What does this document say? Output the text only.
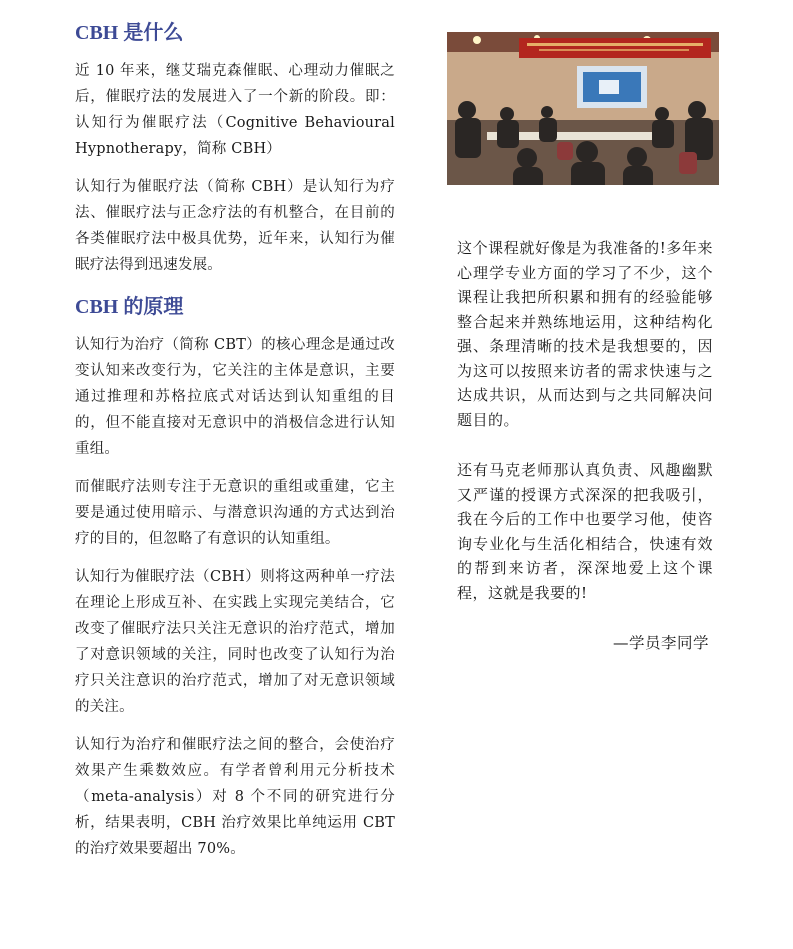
CBH 是什么

近 10 年来，继艾瑞克森催眠、心理动力催眠之后，催眠疗法的发展进入了一个新的阶段。即：认知行为催眠疗法（Cognitive Behavioural Hypnotherapy，简称 CBH）

认知行为催眠疗法（简称 CBH）是认知行为疗法、催眠疗法与正念疗法的有机整合，在目前的各类催眠疗法中极具优势，近年来，认知行为催眠疗法得到迅速发展。

CBH 的原理

认知行为治疗（简称 CBT）的核心理念是通过改变认知来改变行为，它关注的主体是意识，主要通过推理和苏格拉底式对话达到认知重组的目的，但不能直接对无意识中的消极信念进行认知重组。

而催眠疗法则专注于无意识的重组或重建，它主要是通过使用暗示、与潜意识沟通的方式达到治疗的目的，但忽略了有意识的认知重组。

认知行为催眠疗法（CBH）则将这两种单一疗法在理论上形成互补、在实践上实现完美结合，它改变了催眠疗法只关注无意识的治疗范式，增加了对意识领域的关注，同时也改变了认知行为治疗只关注意识的治疗范式，增加了对无意识领域的关注。

认知行为治疗和催眠疗法之间的整合，会使治疗效果产生乘数效应。有学者曾利用元分析技术（meta-analysis）对 8 个不同的研究进行分析，结果表明，CBH 治疗效果比单纯运用 CBT 的治疗效果要超出 70%。

这个课程就好像是为我准备的!多年来心理学专业方面的学习了不少，这个课程让我把所积累和拥有的经验能够整合起来并熟练地运用，这种结构化强、条理清晰的技术是我想要的，因为这可以按照来访者的需求快速与之达成共识，从而达到与之共同解决问题目的。

还有马克老师那认真负责、风趣幽默又严谨的授课方式深深的把我吸引，我在今后的工作中也要学习他，使咨询专业化与生活化相结合，快速有效的帮到来访者，深深地爱上这个课程，这就是我要的!

—学员李同学
